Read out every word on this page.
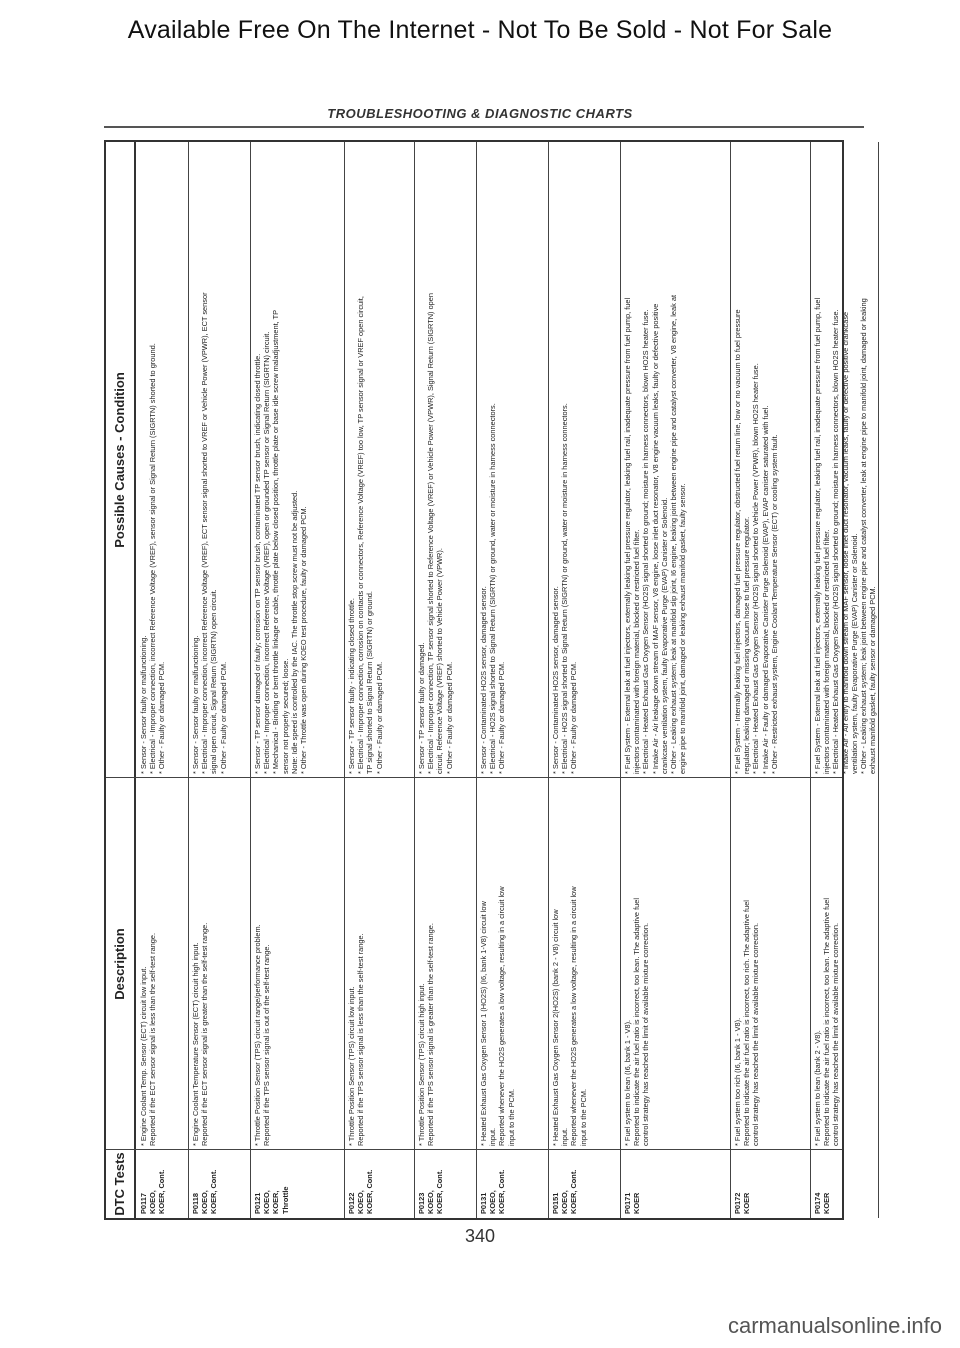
Available Free On The Internet - Not To Be Sold - Not For Sale
TROUBLESHOOTING & DIAGNOSTIC CHARTS
DTC Tests
Description
Possible Causes - Condition
P0117 KOEO, KOER, Cont.
* Engine Coolant Temp. Sensor (ECT) circuit low input. Reported if the ECT sensor signal is less than the self-test range.
* Sensor - Sensor faulty or malfunctioning. * Electrical - Improper connection, incorrect Reference Voltage (VREF), sensor signal or Signal Return (SIGRTN) shorted to ground. * Other - Faulty or damaged PCM.
P0118 KOEO, KOER, Cont.
* Engine Coolant Temperature Sensor (ECT) circuit high input. Reported if the ECT sensor signal is greater than the self-test range.
* Sensor - Sensor faulty or malfunctioning. * Electrical - Improper connection, incorrect Reference Voltage (VREF), ECT sensor signal shorted to VREF or Vehicle Power (VPWR), ECT sensor signal open circuit, Signal Return (SIGRTN) open circuit. * Other - Faulty or damaged PCM.
P0121 KOEO, KOER, Throttle
* Throttle Position Sensor (TPS) circuit range/performance problem. Reported if the TPS sensor signal is out of the self-test range.
* Sensor - TP sensor damaged or faulty; corrosion on TP sensor brush, contaminated TP sensor brush, indicating closed throttle. * Electrical - Improper connection, incorrect Reference Voltage (VREF), open or grounded TP sensor or Signal Return (SIGRTN) circuit. * Mechanical - Binding or bent throttle linkage or cable, throttle plate below closed position, throttle plate or base idle screw maladjustment, TP sensor not properly secured; loose. Note: Idle speed is controlled by the IAC. The throttle stop screw must not be adjusted. * Other - Throttle was open during KOEO test procedure, faulty or damaged PCM.
P0122 KOEO, KOER, Cont.
* Throttle Position Sensor (TPS) circuit low input. Reported if the TPS sensor signal is less than the self-test range.
* Sensor - TP sensor faulty - indicating closed throttle. * Electrical - Improper connection, corrosion on contacts or connectors, Reference Voltage (VREF) too low, TP sensor signal or VREF open circuit, TP signal shorted to Signal Return (SIGRTN) or ground. * Other - Faulty or damaged PCM.
P0123 KOEO, KOER, Cont.
* Throttle Position Sensor (TPS) circuit high input. Reported if the TPS sensor signal is greater than the self-test range.
* Sensor - TP sensor faulty or damaged. * Electrical - Improper connection, TP sensor signal shorted to Reference Voltage (VREF) or Vehicle Power (VPWR), Signal Return (SIGRTN) open circuit, Reference Voltage (VREF) shorted to Vehicle Power (VPWR). * Other - Faulty or damaged PCM.
P0131 KOEO, KOER, Cont.
* Heated Exhaust Gas Oxygen Sensor 1 (HO2S) (I6, bank 1-V8) circuit low input. Reported whenever the HO2S generates a low voltage, resulting in a circuit low input to the PCM.
* Sensor - Contaminated HO2S sensor, damaged sensor. * Electrical - HO2S signal shorted to Signal Return (SIGRTN) or ground, water or moisture in harness connectors. * Other - Faulty or damaged PCM.
P0151 KOEO, KOER, Cont.
* Heated Exhaust Gas Oxygen Sensor 2(HO2S) (bank 2 - V8) circuit low input. Reported whenever the HO2S generates a low voltage, resulting in a circuit low input to the PCM.
* Sensor - Contaminated HO2S sensor, damaged sensor. * Electrical - HO2S signal shorted to Signal Return (SIGRTN) or ground, water or moisture in harness connectors. * Other - Faulty or damaged PCM.
P0171 KOER
* Fuel system to lean (I6, bank 1 - V8). Reported to indicate the air fuel ratio is incorrect, too lean. The adaptive fuel control strategy has reached the limit of available mixture correction.
* Fuel System - External leak at fuel injectors, externally leaking fuel pressure regulator, leaking fuel rail, inadequate pressure from fuel pump, fuel injectors contaminated with foreign material, blocked or restricted fuel filter. * Electrical - Heated Exhaust Gas Oxygen Sensor (HO2S) signal shorted to ground; moisture in harness connectors, blown HO2S heater fuse. * Intake Air - Air leakage down stream of MAF sensor, V8 engine, loose inlet duct resonator, V8 engine vacuum leaks, faulty or defective positive crankcase ventilation system, faulty Evaporative Purge (EVAP) Canister or Solenoid. * Other - Leaking exhaust system; leak at manifold slip joint, I6 engine, leaking joint between engine pipe and catalyst converter, V8 engine, leak at engine pipe to manifold joint, damaged or leaking exhaust manifold gasket, faulty sensor.
P0172 KOER
* Fuel system too rich (I6, bank 1 - V8). Reported to indicate the air fuel ratio is incorrect, too rich. The adaptive fuel control strategy has reached the limit of available mixture correction.
* Fuel System - Internally leaking fuel injectors, damaged fuel pressure regulator, obstructed fuel return line, low or no vacuum to fuel pressure regulator; leaking damaged or missing vacuum hose to fuel pressure regulator. * Electrical - Heated Exhaust Gas Oxygen Sensor (HO2S) signal shorted to Vehicle Power (VPWR), blown HO2S heater fuse. * Intake Air - Faulty or damaged Evaporative Canister Purge Solenoid (EVAP), EVAP canister saturated with fuel. * Other - Restricted exhaust system, Engine Coolant Temperature Sensor (ECT) or cooling system fault.
P0174 KOER
* Fuel system to lean (bank 2 - V8). Reported to indicate the air fuel ratio is incorrect, too lean. The adaptive fuel control strategy has reached the limit of available mixture correction.
* Fuel System - External leak at fuel injectors, externally leaking fuel pressure regulator, leaking fuel rail, inadequate pressure from fuel pump, fuel injectors contaminated with foreign material, blocked or restricted fuel filter. * Electrical - Heated Exhaust Gas Oxygen Sensor (HO2S) signal shorted to ground; moisture in harness connectors, blown HO2S heater fuse. * Intake Air - Air entry to manifold down stream of MAF sensor, loose inlet duct resonator, vacuum leaks, faulty or defective positive crankcase ventilation system, faulty Evaporative Purge (EVAP) Canister or Solenoid. * Other - Leaking exhaust system; leak joint between engine pipe and catalyst converter, leak at engine pipe to manifold joint, damaged or leaking exhaust manifold gasket, faulty sensor or damaged PCM.
340
carmanualsonline.info
